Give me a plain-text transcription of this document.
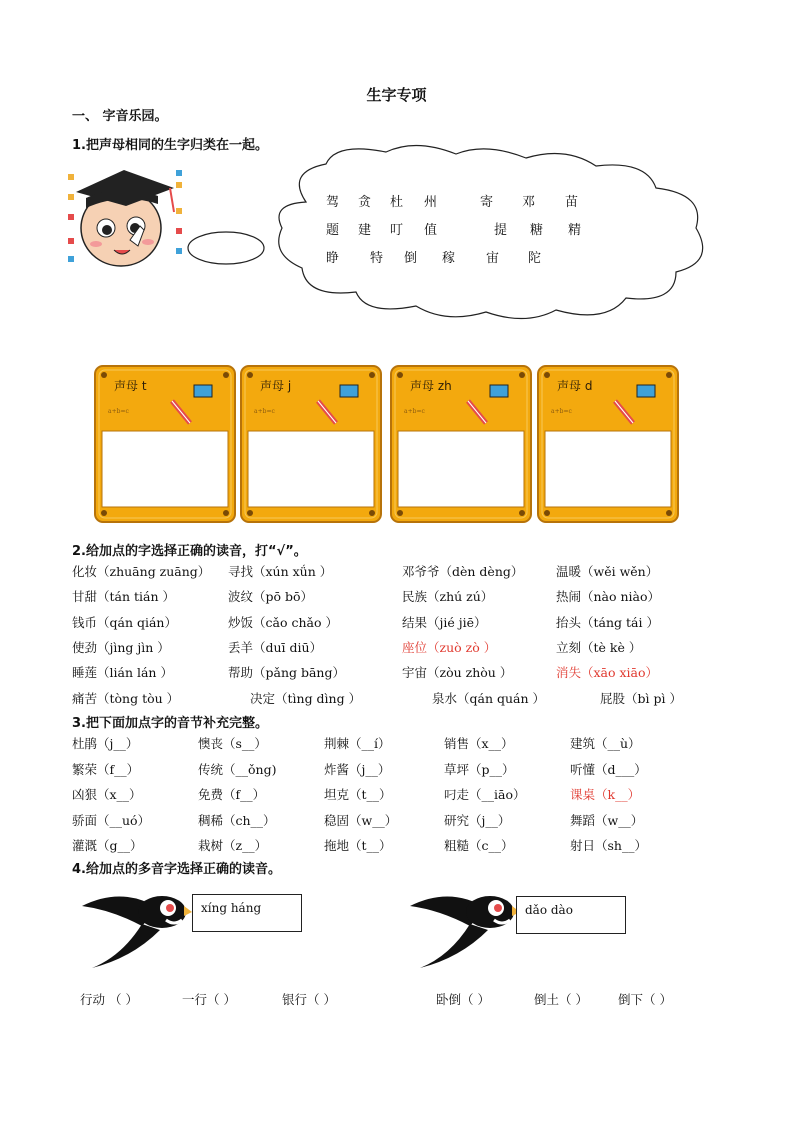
生字专项
一、 字音乐园。
1.把声母相同的生字归类在一起。
驾 贪 杜 州	寄 邓 苗
题 建 叮 值	提 糖 精
睁 特 倒 稼 宙 陀
a+b=c
声母 t
a+b=c
声母 j
a+b=c
声母 zh
a+b=c
声母 d
2.给加点的字选择正确的读音，打“√”。
化妆（zhuāng zuāng） 寻找（xún xǘn ）	邓爷爷（dèn dèng）	温暖（wěi wěn）
甘甜（tán tián ）	波纹（pō bō）	民族（zhú zú）	热闹（nào niào）
钱币（qán qián）	炒饭（cǎo chǎo ）	结果（jié jiē）	抬头（táng tái ）
使劲（jìng jìn ）	丢羊（duī diū）	座位（zuò zò ）	立刻（tè kè ）
睡莲（lián lán ）	帮助（pǎng bāng）	宇宙（zòu zhòu ）	消失（xāo xiāo）
痛苦（tòng tòu ）	决定（tìng dìng ）	泉水（qán quán ）	屁股（bì pì ）
3.把下面加点字的音节补充完整。
杜鹃（j__）	懊丧（s__）	荆棘（__í）	销售（x__）	建筑（__ù）
繁荣（f__）	传统（__ǒng)	炸酱（j__）	草坪（p__）	听懂（d___）
凶狠（x__）	免费（f__）	坦克（t__）	叼走（__iāo）	课桌（k__）
骄面（__uó）	稠稀（ch__）	稳固（w__）	研究（j__）	舞蹈（w__）
灌溉（g__）	栽树（z__）	拖地（t__）	粗糙（c__）	射日（sh__）
4.给加点的多音字选择正确的读音。
xíng háng	dǎo dào
行动 （ ）	一行（ ）	银行（ ）	卧倒（ ）	倒土（ ） 倒下（ ）
